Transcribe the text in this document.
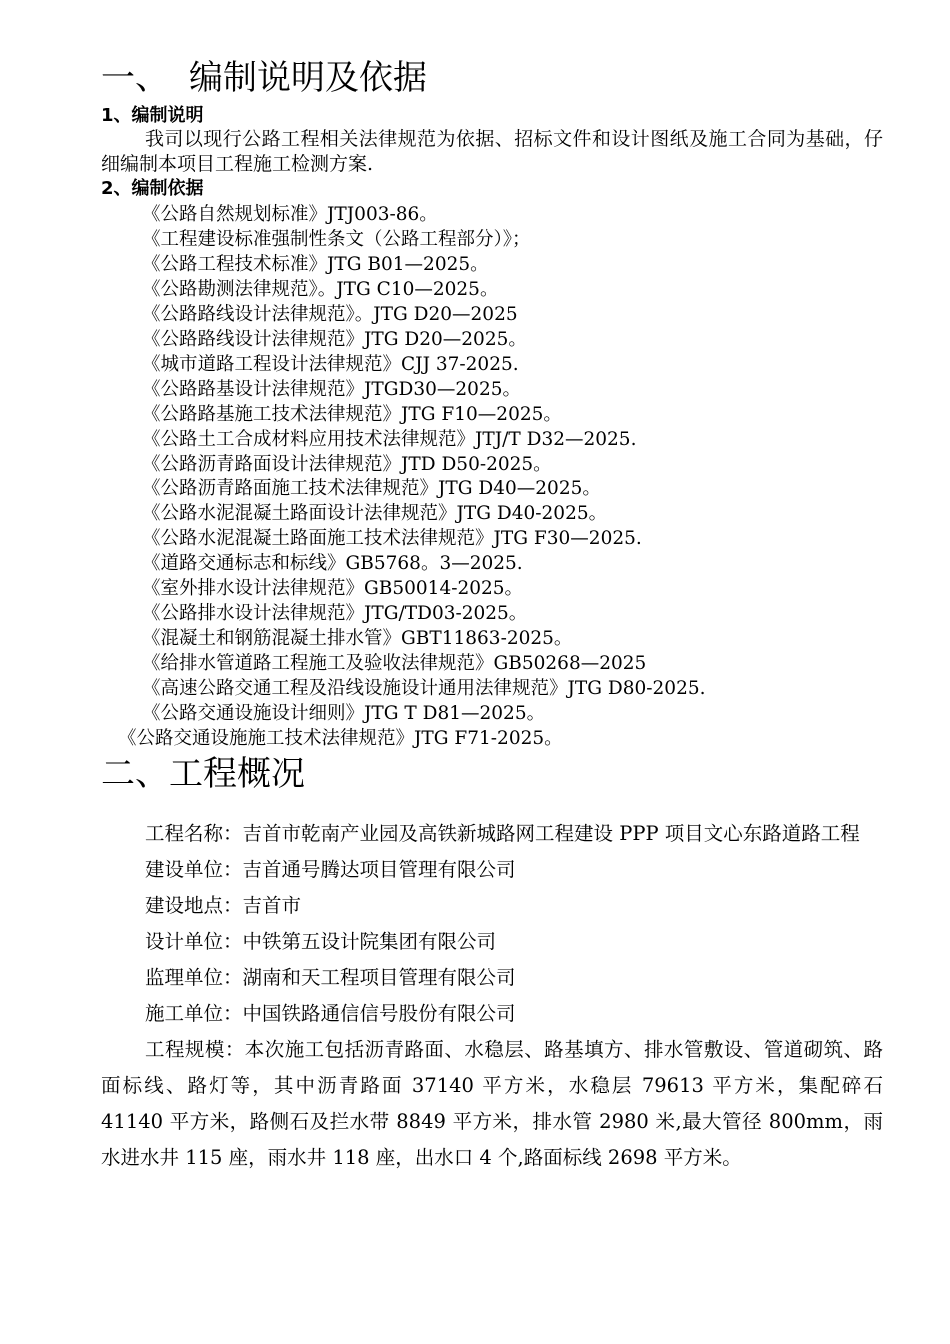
一、 编制说明及依据
1、编制说明
我司以现行公路工程相关法律规范为依据、招标文件和设计图纸及施工合同为基础，仔细编制本项目工程施工检测方案.
2、编制依据
《公路自然规划标准》JTJ003-86。
《工程建设标准强制性条文（公路工程部分）》；
《公路工程技术标准》JTG B01—2025。
《公路勘测法律规范》。JTG C10—2025。
《公路路线设计法律规范》。JTG D20—2025
《公路路线设计法律规范》JTG D20—2025。
《城市道路工程设计法律规范》CJJ 37-2025.
《公路路基设计法律规范》JTGD30—2025。
《公路路基施工技术法律规范》JTG F10—2025。
《公路土工合成材料应用技术法律规范》JTJ/T D32—2025.
《公路沥青路面设计法律规范》JTD D50-2025。
《公路沥青路面施工技术法律规范》JTG D40—2025。
《公路水泥混凝土路面设计法律规范》JTG D40-2025。
《公路水泥混凝土路面施工技术法律规范》JTG F30—2025.
《道路交通标志和标线》GB5768。3—2025.
《室外排水设计法律规范》GB50014-2025。
《公路排水设计法律规范》JTG/TD03-2025。
《混凝土和钢筋混凝土排水管》GBT11863-2025。
《给排水管道路工程施工及验收法律规范》GB50268—2025
《高速公路交通工程及沿线设施设计通用法律规范》JTG D80-2025.
《公路交通设施设计细则》JTG T D81—2025。
《公路交通设施施工技术法律规范》JTG F71-2025。
二、工程概况
工程名称： 吉首市乾南产业园及高铁新城路网工程建设 PPP 项目文心东路道路工程
建设单位： 吉首通号腾达项目管理有限公司
建设地点： 吉首市
设计单位： 中铁第五设计院集团有限公司
监理单位： 湖南和天工程项目管理有限公司
施工单位： 中国铁路通信信号股份有限公司
工程规模：本次施工包括沥青路面、水稳层、路基填方、排水管敷设、管道砌筑、路面标线、路灯等，其中沥青路面 37140 平方米，水稳层 79613 平方米，集配碎石 41140 平方米，路侧石及拦水带 8849 平方米，排水管 2980 米,最大管径 800mm，雨水进水井 115 座，雨水井 118 座，出水口 4 个,路面标线 2698 平方米。
